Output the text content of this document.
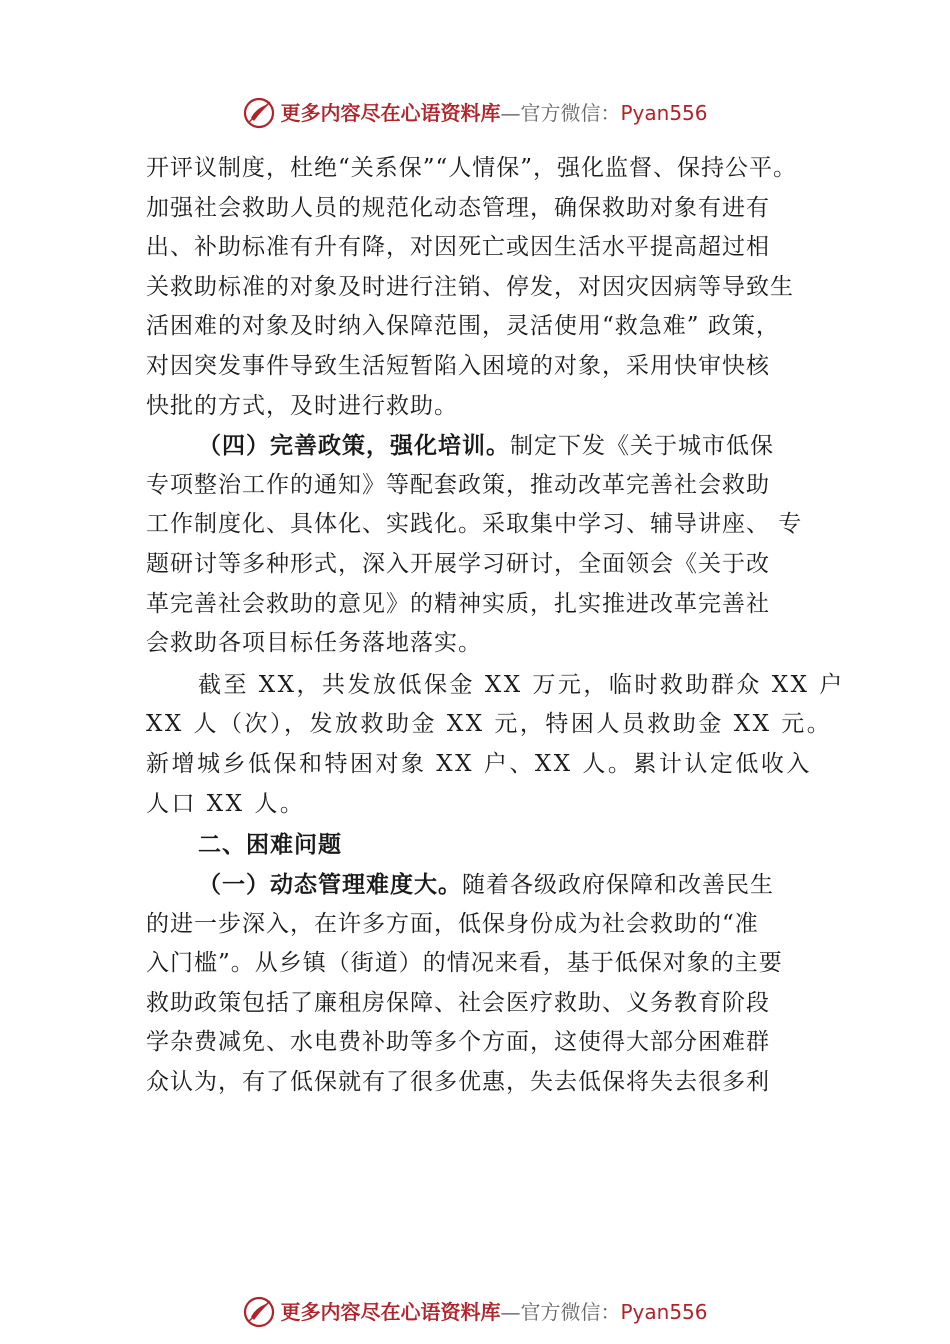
更多内容尽在心语资料库 — 官方微信： Pyan556
开评议制度，杜绝“关系保”“人情保”，强化监督、保持公平。
加强社会救助人员的规范化动态管理，确保救助对象有进有
出、补助标准有升有降，对因死亡或因生活水平提高超过相
关救助标准的对象及时进行注销、停发，对因灾因病等导致生
活困难的对象及时纳入保障范围，灵活使用“救急难” 政策，
对因突发事件导致生活短暂陷入困境的对象，采用快审快核
快批的方式，及时进行救助。
（四）完善政策，强化培训。制定下发《关于城市低保
专项整治工作的通知》等配套政策，推动改革完善社会救助
工作制度化、具体化、实践化。采取集中学习、辅导讲座、 专
题研讨等多种形式，深入开展学习研讨，全面领会《关于改
革完善社会救助的意见》的精神实质，扎实推进改革完善社
会救助各项目标任务落地落实。
截至 XX，共发放低保金 XX 万元，临时救助群众 XX 户
XX 人（次），发放救助金 XX 元，特困人员救助金 XX 元。
新增城乡低保和特困对象 XX 户、XX 人。累计认定低收入
人口 XX 人。
二、困难问题
（一）动态管理难度大。随着各级政府保障和改善民生
的进一步深入，在许多方面，低保身份成为社会救助的“准
入门槛”。从乡镇（街道）的情况来看，基于低保对象的主要
救助政策包括了廉租房保障、社会医疗救助、义务教育阶段
学杂费减免、水电费补助等多个方面，这使得大部分困难群
众认为，有了低保就有了很多优惠，失去低保将失去很多利
更多内容尽在心语资料库 — 官方微信： Pyan556
